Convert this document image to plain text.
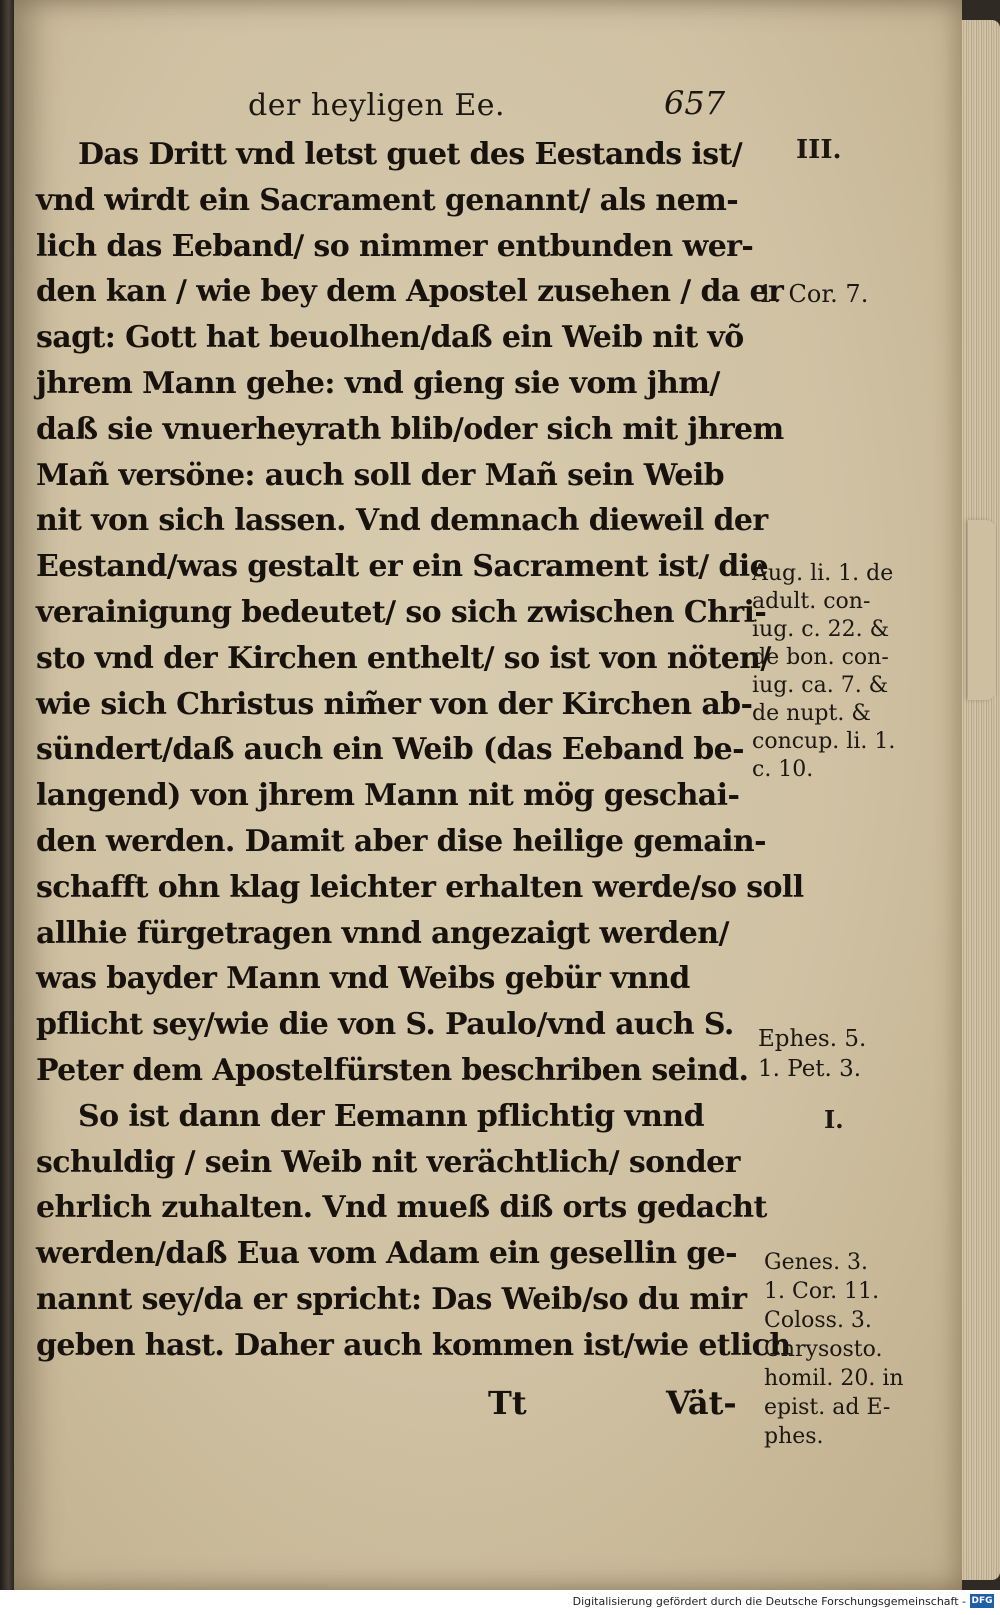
der heyligen Ee.	657
Das Dritt vnd letst guet des Eestands ist/
vnd wirdt ein Sacrament genannt/ als nem-
lich das Eeband/ so nimmer entbunden wer-
den kan / wie bey dem Apostel zusehen / da er
sagt: Gott hat beuolhen/daß ein Weib nit võ
jhrem Mann gehe: vnd gieng sie vom jhm/
daß sie vnuerheyrath blib/oder sich mit jhrem
Mañ versöne: auch soll der Mañ sein Weib
nit von sich lassen. Vnd demnach dieweil der
Eestand/was gestalt er ein Sacrament ist/ die
verainigung bedeutet/ so sich zwischen Chri-
sto vnd der Kirchen enthelt/ so ist von nöten/
wie sich Christus nim̃er von der Kirchen ab-
sündert/daß auch ein Weib (das Eeband be-
langend) von jhrem Mann nit mög geschai-
den werden. Damit aber dise heilige gemain-
schafft ohn klag leichter erhalten werde/so soll
allhie fürgetragen vnnd angezaigt werden/
was bayder Mann vnd Weibs gebür vnnd
pflicht sey/wie die von S. Paulo/vnd auch S.
Peter dem Apostelfürsten beschriben seind.
So ist dann der Eemann pflichtig vnnd
schuldig / sein Weib nit verächtlich/ sonder
ehrlich zuhalten. Vnd mueß diß orts gedacht
werden/daß Eua vom Adam ein gesellin ge-
nannt sey/da er spricht: Das Weib/so du mir
geben hast. Daher auch kommen ist/wie etlich
III.
1. Cor. 7.
Aug. li. 1. de
adult. con-
iug. c. 22. &
de bon. con-
iug. ca. 7. &
de nupt. &
concup. li. 1.
c. 10.
Ephes. 5.
1. Pet. 3.
I.
Genes. 3.
1. Cor. 11.
Coloss. 3.
Chrysosto.
homil. 20. in
epist. ad E-
phes.
Tt	Vät-
Digitalisierung gefördert durch die Deutsche Forschungsgemeinschaft - DFG
